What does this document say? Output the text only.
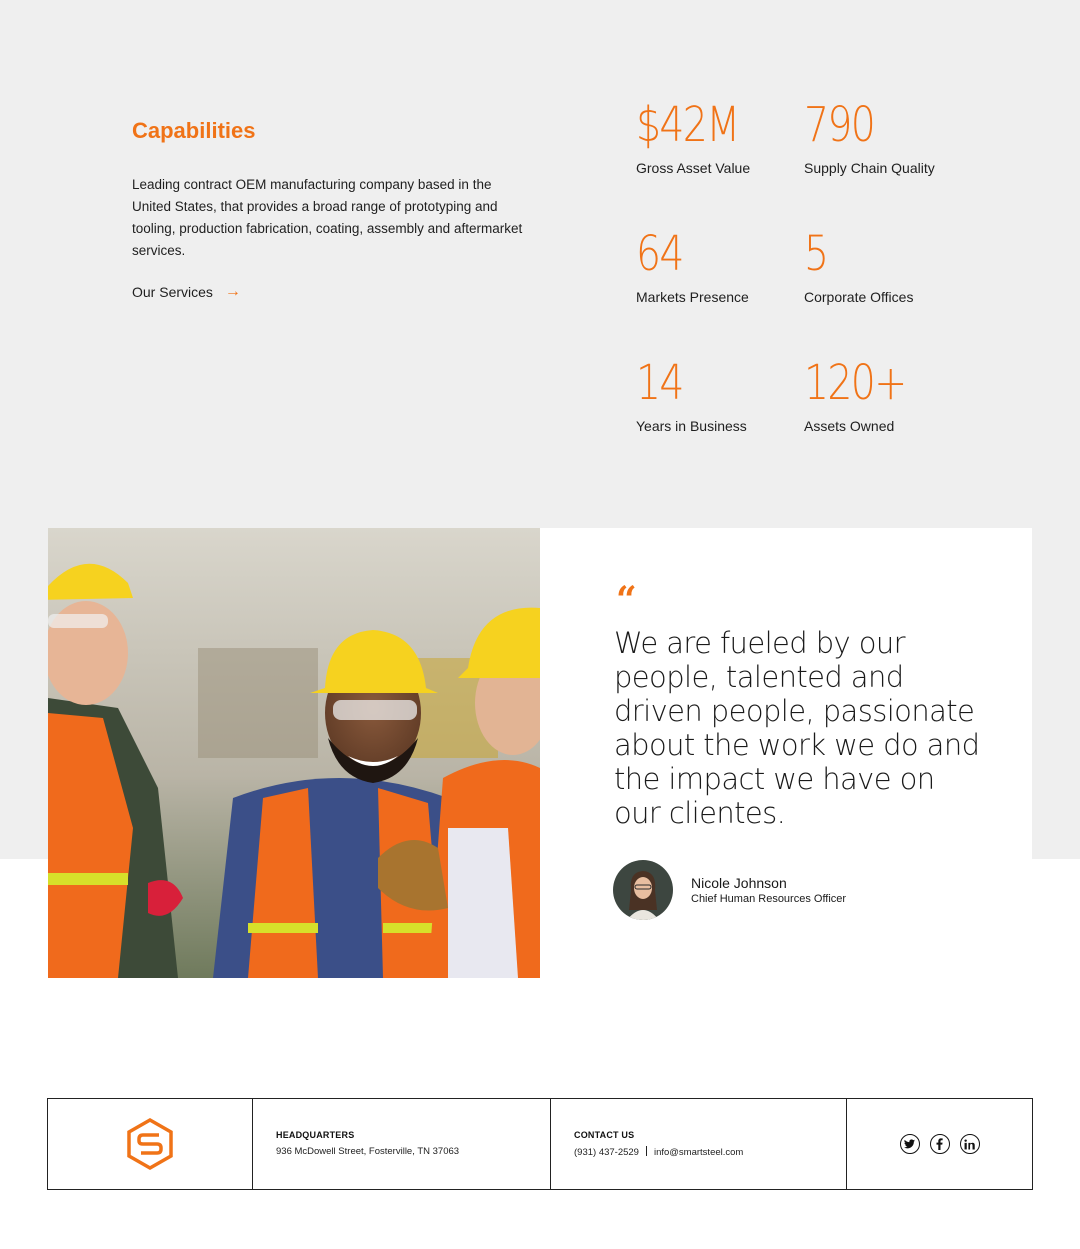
Capabilities

Leading contract OEM manufacturing company based in the United States, that provides a broad range of prototyping and tooling, production fabrication, coating, assembly and aftermarket services.

Our Services →
$42M
Gross Asset Value
790
Supply Chain Quality
64
Markets Presence
5
Corporate Offices
14
Years in Business
120+
Assets Owned
“

We are fueled by our people, talented and driven people, passionate about the work we do and the impact we have on our clientes.

Nicole Johnson
Chief Human Resources Officer
HEADQUARTERS
936 McDowell Street, Fosterville, TN 37063
CONTACT US
(931) 437-2529 info@smartsteel.com
